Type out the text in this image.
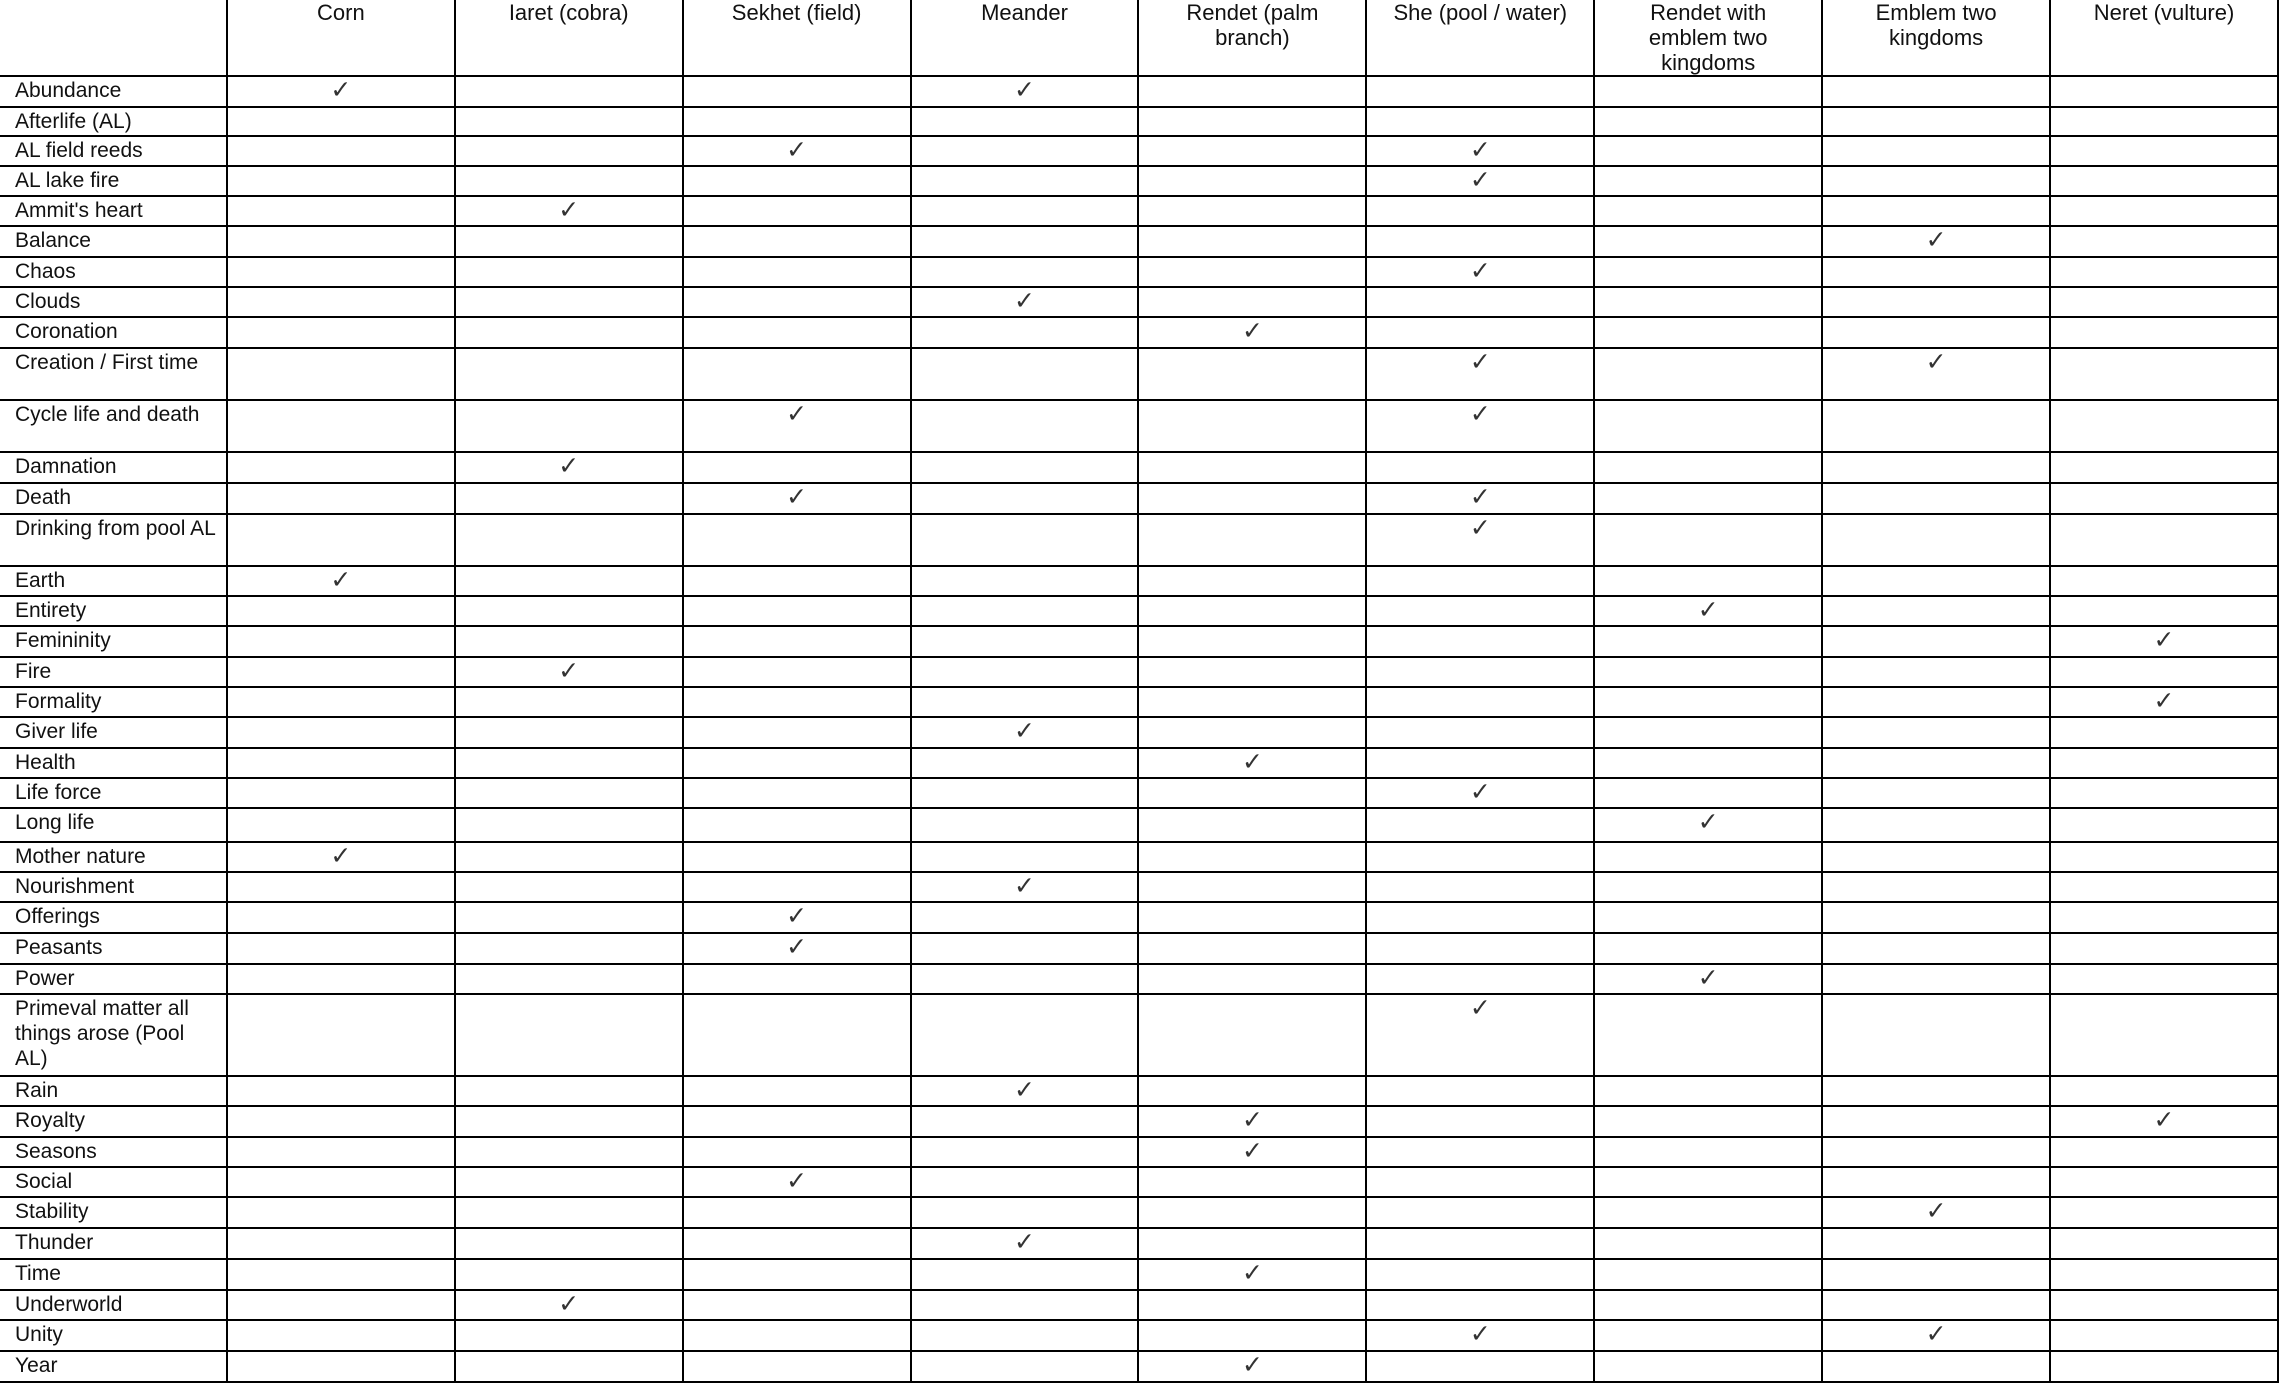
	Corn	Iaret (cobra)	Sekhet (field)	Meander	Rendet (palm branch)	She (pool / water)	Rendet with emblem two kingdoms	Emblem two kingdoms	Neret (vulture)
Abundance	✓			✓					
Afterlife (AL)									
AL field reeds			✓			✓			
AL lake fire						✓			
Ammit's heart		✓							
Balance								✓	
Chaos						✓			
Clouds				✓					
Coronation					✓				
Creation / First time						✓		✓	
Cycle life and death			✓			✓			
Damnation		✓							
Death			✓			✓			
Drinking from pool AL						✓			
Earth	✓								
Entirety							✓		
Femininity									✓
Fire		✓							
Formality									✓
Giver life				✓					
Health					✓				
Life force						✓			
Long life							✓		
Mother nature	✓								
Nourishment				✓					
Offerings			✓						
Peasants			✓						
Power							✓		
Primeval matter all things arose (Pool AL)						✓			
Rain				✓					
Royalty					✓				✓
Seasons					✓				
Social			✓						
Stability								✓	
Thunder				✓					
Time					✓				
Underworld		✓							
Unity						✓		✓	
Year					✓				
